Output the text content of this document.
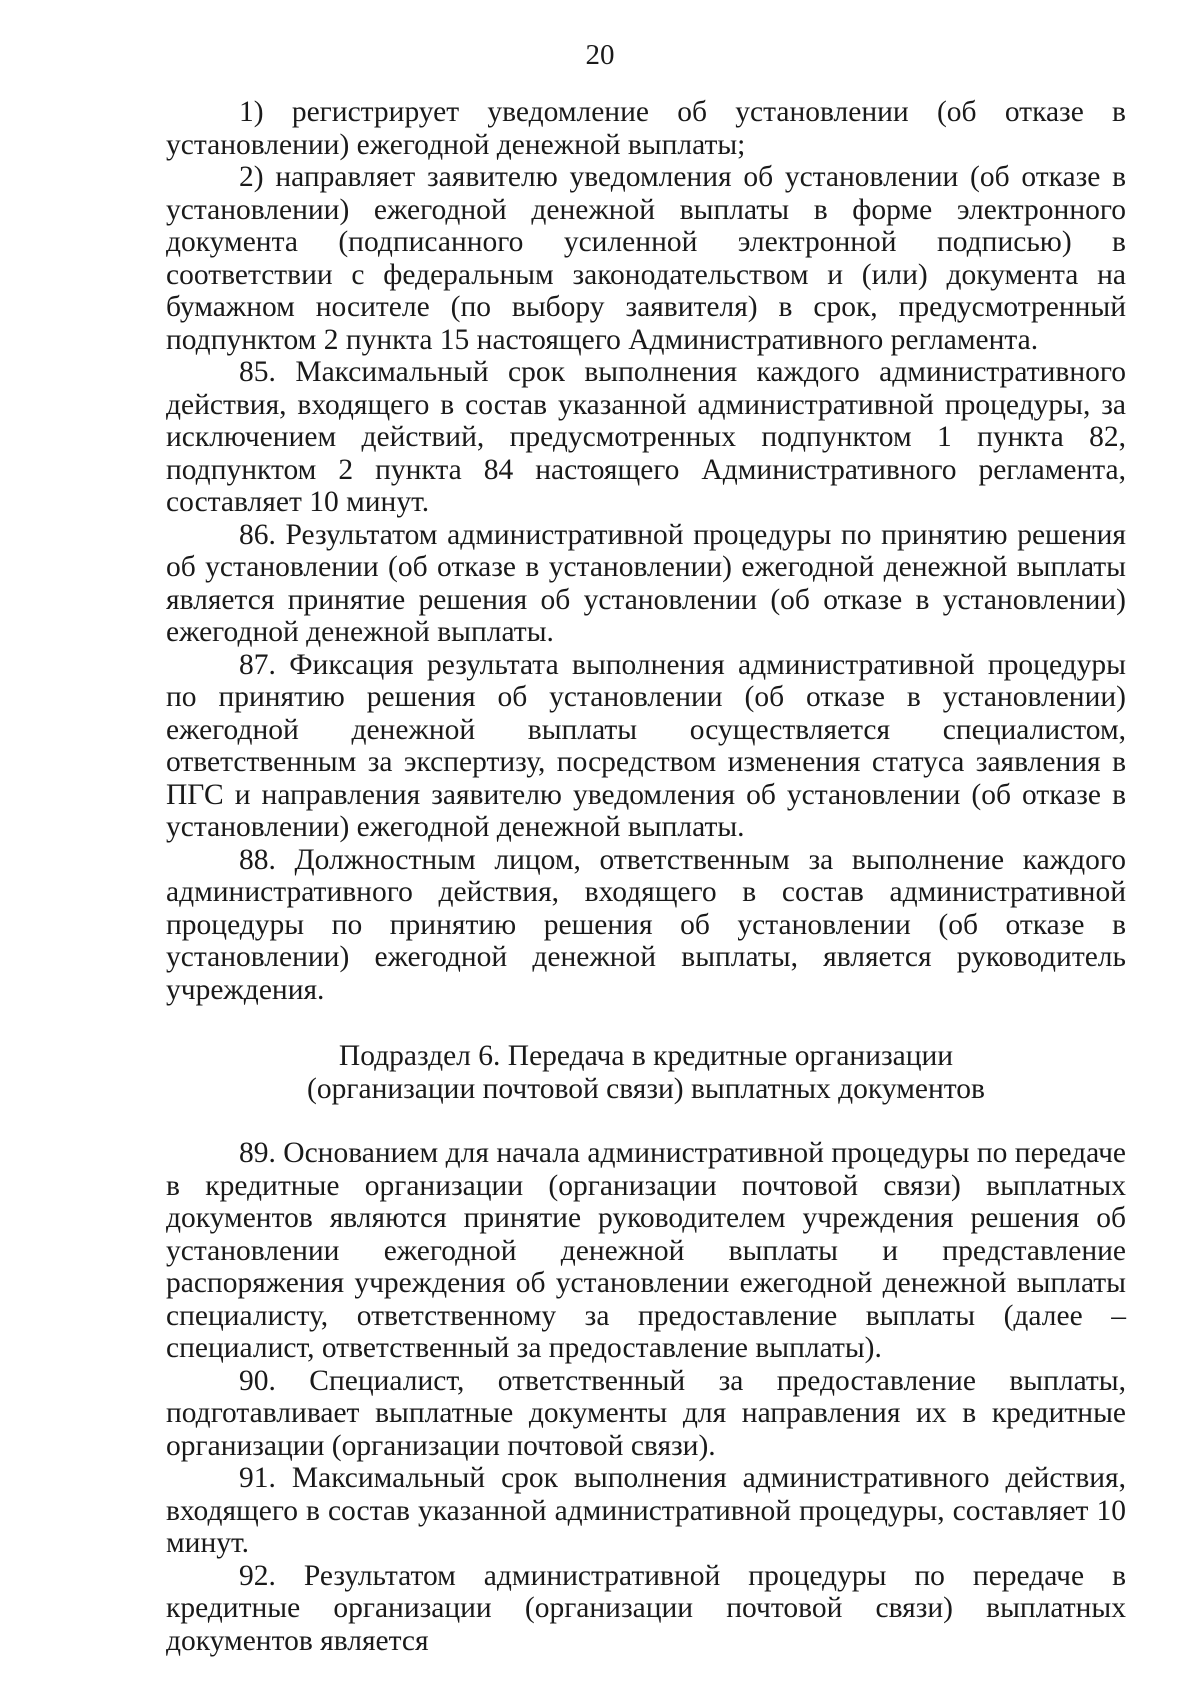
20

1) регистрирует уведомление об установлении (об отказе в установлении) ежегодной денежной выплаты;

2) направляет заявителю уведомления об установлении (об отказе в установлении) ежегодной денежной выплаты в форме электронного документа (подписанного усиленной электронной подписью) в соответствии с федеральным законодательством и (или) документа на бумажном носителе (по выбору заявителя) в срок, предусмотренный подпунктом 2 пункта 15 настоящего Административного регламента.

85. Максимальный срок выполнения каждого административного действия, входящего в состав указанной административной процедуры, за исключением действий, предусмотренных подпунктом 1 пункта 82, подпунктом 2 пункта 84 настоящего Административного регламента, составляет 10 минут.

86. Результатом административной процедуры по принятию решения об установлении (об отказе в установлении) ежегодной денежной выплаты является принятие решения об установлении (об отказе в установлении) ежегодной денежной выплаты.

87. Фиксация результата выполнения административной процедуры по принятию решения об установлении (об отказе в установлении) ежегодной денежной выплаты осуществляется специалистом, ответственным за экспертизу, посредством изменения статуса заявления в ПГС и направления заявителю уведомления об установлении (об отказе в установлении) ежегодной денежной выплаты.

88. Должностным лицом, ответственным за выполнение каждого административного действия, входящего в состав административной процедуры по принятию решения об установлении (об отказе в установлении) ежегодной денежной выплаты, является руководитель учреждения.

Подраздел 6. Передача в кредитные организации
(организации почтовой связи) выплатных документов

89. Основанием для начала административной процедуры по передаче в кредитные организации (организации почтовой связи) выплатных документов являются принятие руководителем учреждения решения об установлении ежегодной денежной выплаты и представление распоряжения учреждения об установлении ежегодной денежной выплаты специалисту, ответственному за предоставление выплаты (далее – специалист, ответственный за предоставление выплаты).

90. Специалист, ответственный за предоставление выплаты, подготавливает выплатные документы для направления их в кредитные организации (организации почтовой связи).

91. Максимальный срок выполнения административного действия, входящего в состав указанной административной процедуры, составляет 10 минут.

92. Результатом административной процедуры по передаче в кредитные организации (организации почтовой связи) выплатных документов является
